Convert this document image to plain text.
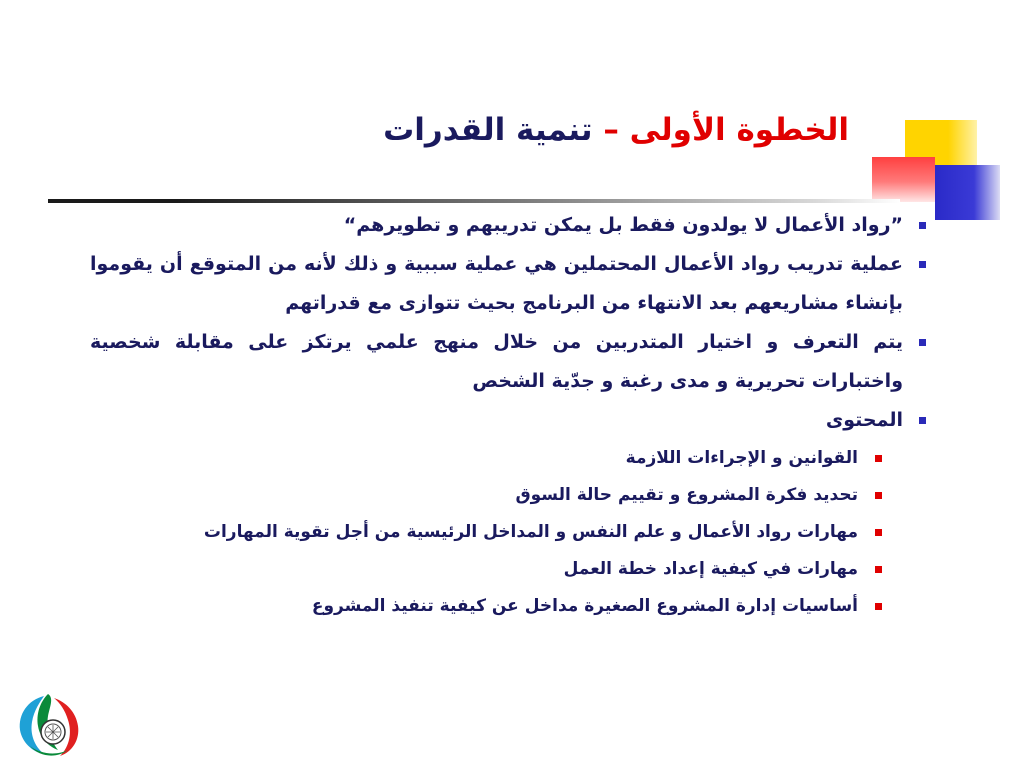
الخطوة الأولى – تنمية القدرات
”رواد الأعمال لا يولدون فقط بل يمكن تدريبهم و تطويرهم“
عملية تدريب رواد الأعمال المحتملين هي عملية سببية و ذلك لأنه من المتوقع أن يقوموا بإنشاء مشاريعهم بعد الانتهاء من البرنامج بحيث تتوازى مع قدراتهم
يتم التعرف و اختيار المتدربين من خلال منهج علمي يرتكز على مقابلة شخصية واختبارات تحريرية و مدى رغبة و جدّية الشخص
المحتوى
القوانين و الإجراءات اللازمة
تحديد فكرة المشروع و تقييم حالة السوق
مهارات رواد الأعمال و علم النفس و المداخل الرئيسية من أجل تقوية المهارات
مهارات في كيفية إعداد خطة العمل
أساسيات إدارة المشروع الصغيرة مداخل عن كيفية تنفيذ المشروع
